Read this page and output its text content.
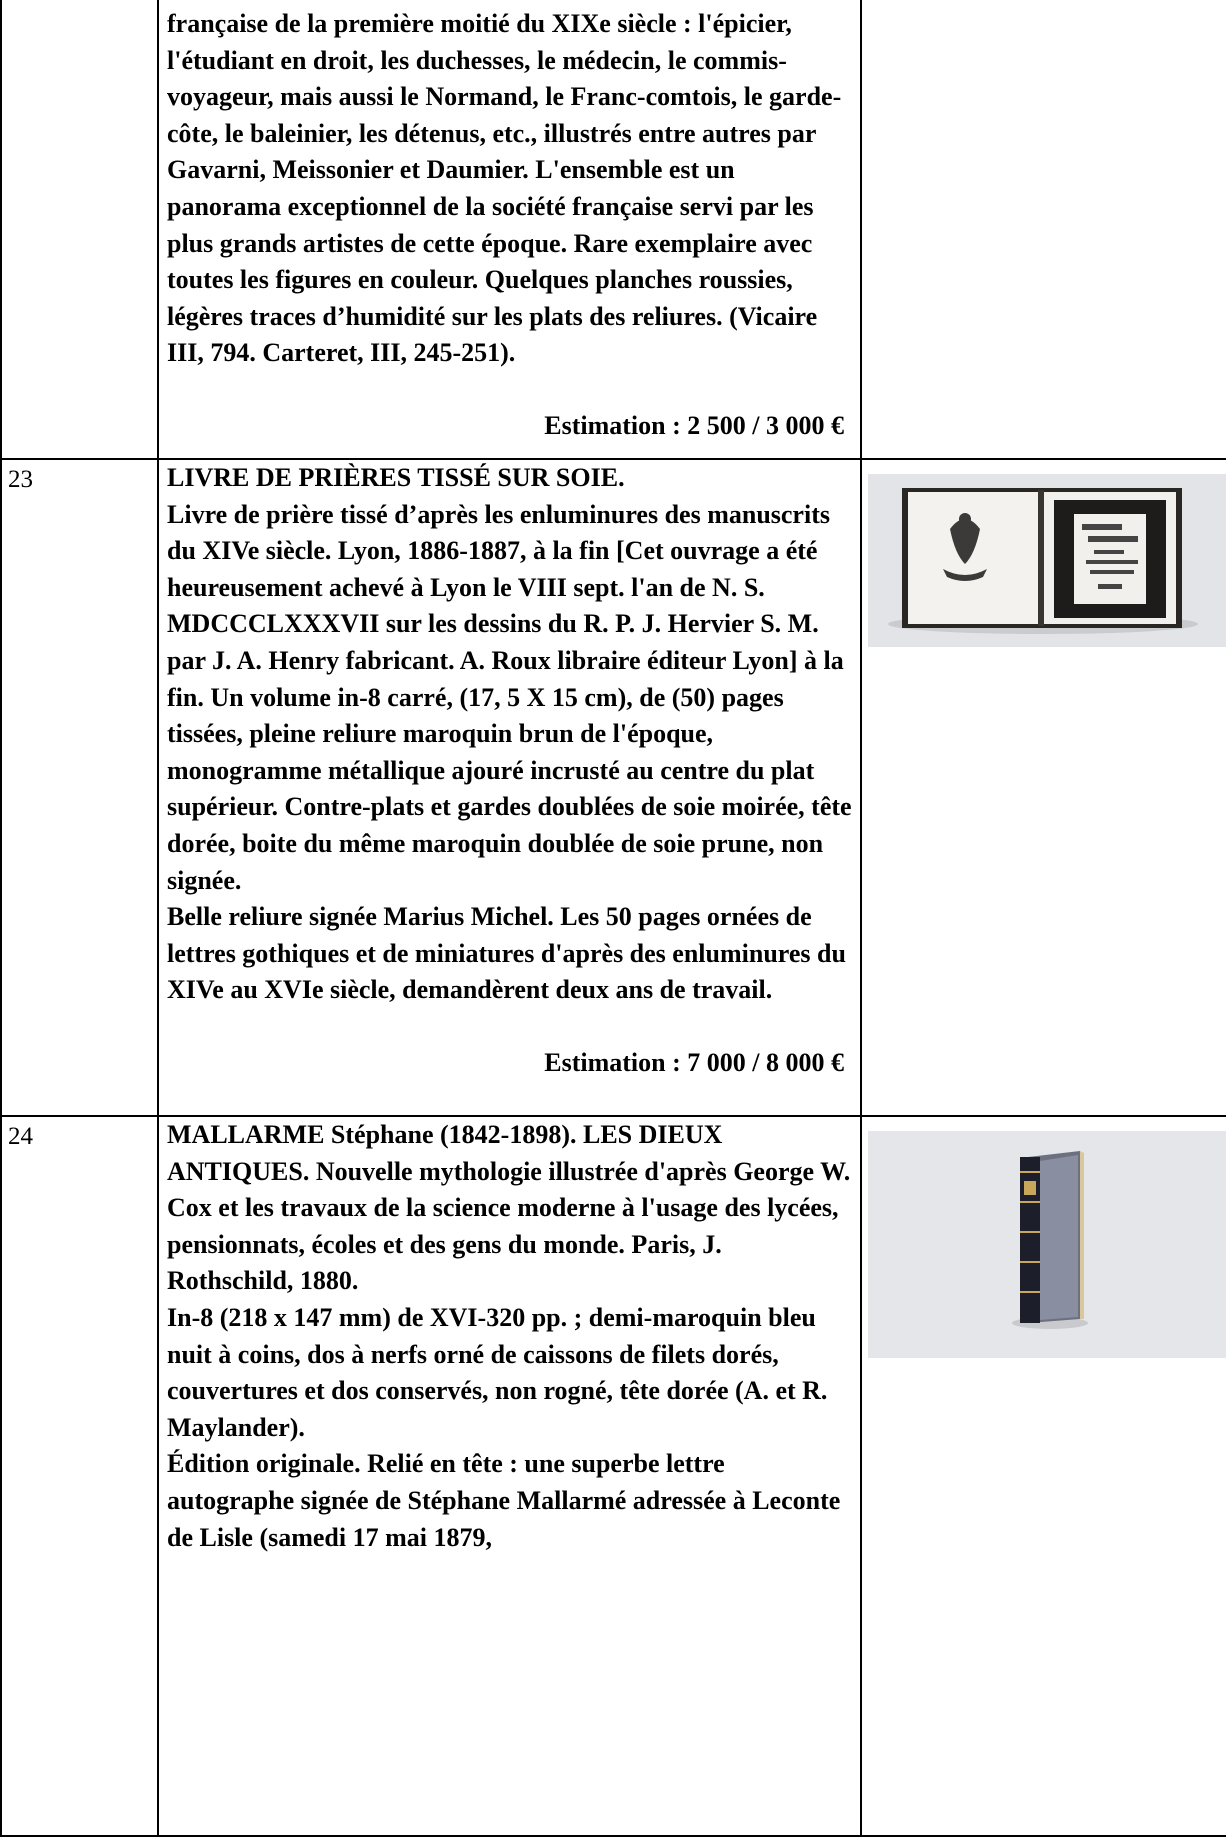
	française de la première moitié du XIXe siècle : l'épicier, l'étudiant en droit, les duchesses, le médecin, le commis-voyageur, mais aussi le Normand, le Franc-comtois, le garde-côte, le baleinier, les détenus, etc., illustrés entre autres par Gavarni, Meissonier et Daumier. L'ensemble est un panorama exceptionnel de la société française servi par les plus grands artistes de cette époque. Rare exemplaire avec toutes les figures en couleur. Quelques planches roussies, légères traces d’humidité sur les plats des reliures. (Vicaire III, 794. Carteret, III, 245-251).

Estimation : 2 500 / 3 000 €	

23	LIVRE DE PRIÈRES TISSÉ SUR SOIE.

Livre de prière tissé d’après les enluminures des manuscrits du XIVe siècle. Lyon, 1886-1887, à la fin [Cet ouvrage a été heureusement achevé à Lyon le VIII sept. l'an de N. S. MDCCCLXXXVII sur les dessins du R. P. J. Hervier S. M. par J. A. Henry fabricant. A. Roux libraire éditeur Lyon] à la fin. Un volume in-8 carré, (17, 5 X 15 cm), de (50) pages tissées, pleine reliure maroquin brun de l'époque, monogramme métallique ajouré incrusté au centre du plat supérieur. Contre-plats et gardes doublées de soie moirée, tête dorée, boite du même maroquin doublée de soie prune, non signée.

Belle reliure signée Marius Michel. Les 50 pages ornées de lettres gothiques et de miniatures d'après des enluminures du XIVe au XVIe siècle, demandèrent deux ans de travail.

Estimation : 7 000 / 8 000 €

24	MALLARME Stéphane (1842-1898). LES DIEUX ANTIQUES. Nouvelle mythologie illustrée d'après George W. Cox et les travaux de la science moderne à l'usage des lycées, pensionnats, écoles et des gens du monde. Paris, J. Rothschild, 1880.

In-8 (218 x 147 mm) de XVI-320 pp. ; demi-maroquin bleu nuit à coins, dos à nerfs orné de caissons de filets dorés, couvertures et dos conservés, non rogné, tête dorée (A. et R. Maylander).

Édition originale. Relié en tête : une superbe lettre autographe signée de Stéphane Mallarmé adressée à Leconte de Lisle (samedi 17 mai 1879,
